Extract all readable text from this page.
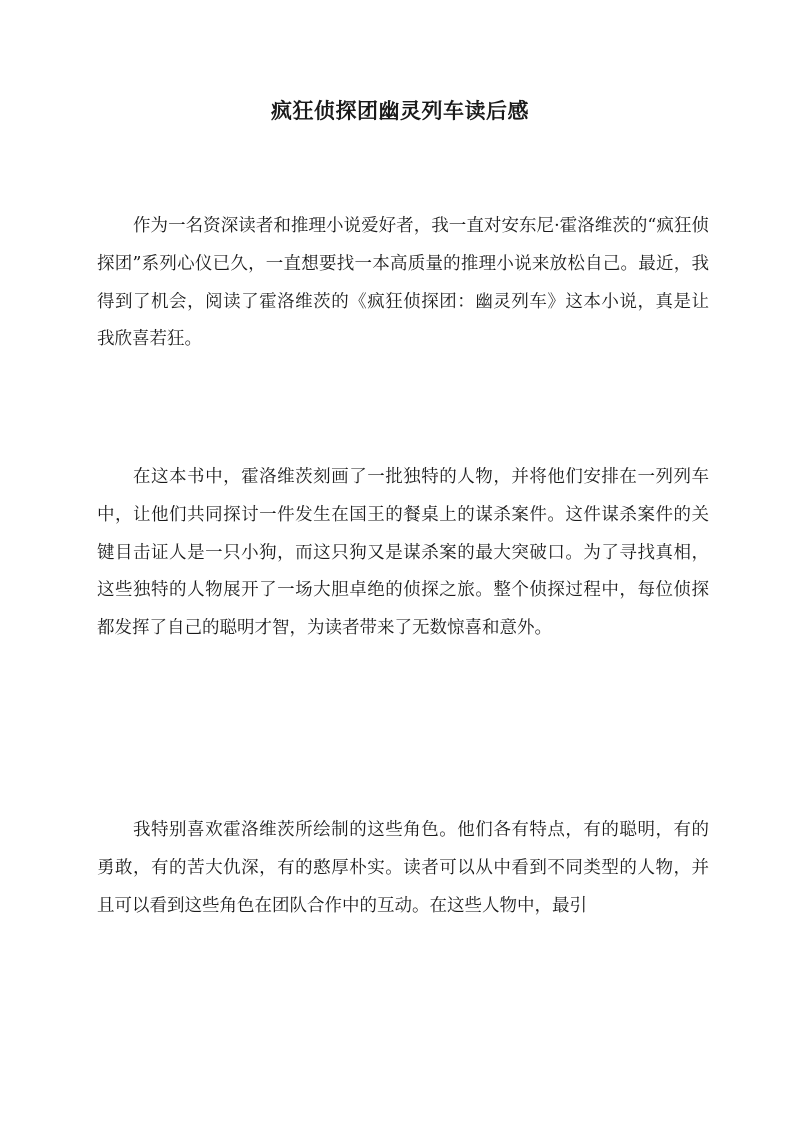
疯狂侦探团幽灵列车读后感

作为一名资深读者和推理小说爱好者，我一直对安东尼·霍洛维茨的“疯狂侦探团”系列心仪已久，一直想要找一本高质量的推理小说来放松自己。最近，我得到了机会，阅读了霍洛维茨的《疯狂侦探团：幽灵列车》这本小说，真是让我欣喜若狂。

在这本书中，霍洛维茨刻画了一批独特的人物，并将他们安排在一列列车中，让他们共同探讨一件发生在国王的餐桌上的谋杀案件。这件谋杀案件的关键目击证人是一只小狗，而这只狗又是谋杀案的最大突破口。为了寻找真相，这些独特的人物展开了一场大胆卓绝的侦探之旅。整个侦探过程中，每位侦探都发挥了自己的聪明才智，为读者带来了无数惊喜和意外。

我特别喜欢霍洛维茨所绘制的这些角色。他们各有特点，有的聪明，有的勇敢，有的苦大仇深，有的憨厚朴实。读者可以从中看到不同类型的人物，并且可以看到这些角色在团队合作中的互动。在这些人物中，最引
